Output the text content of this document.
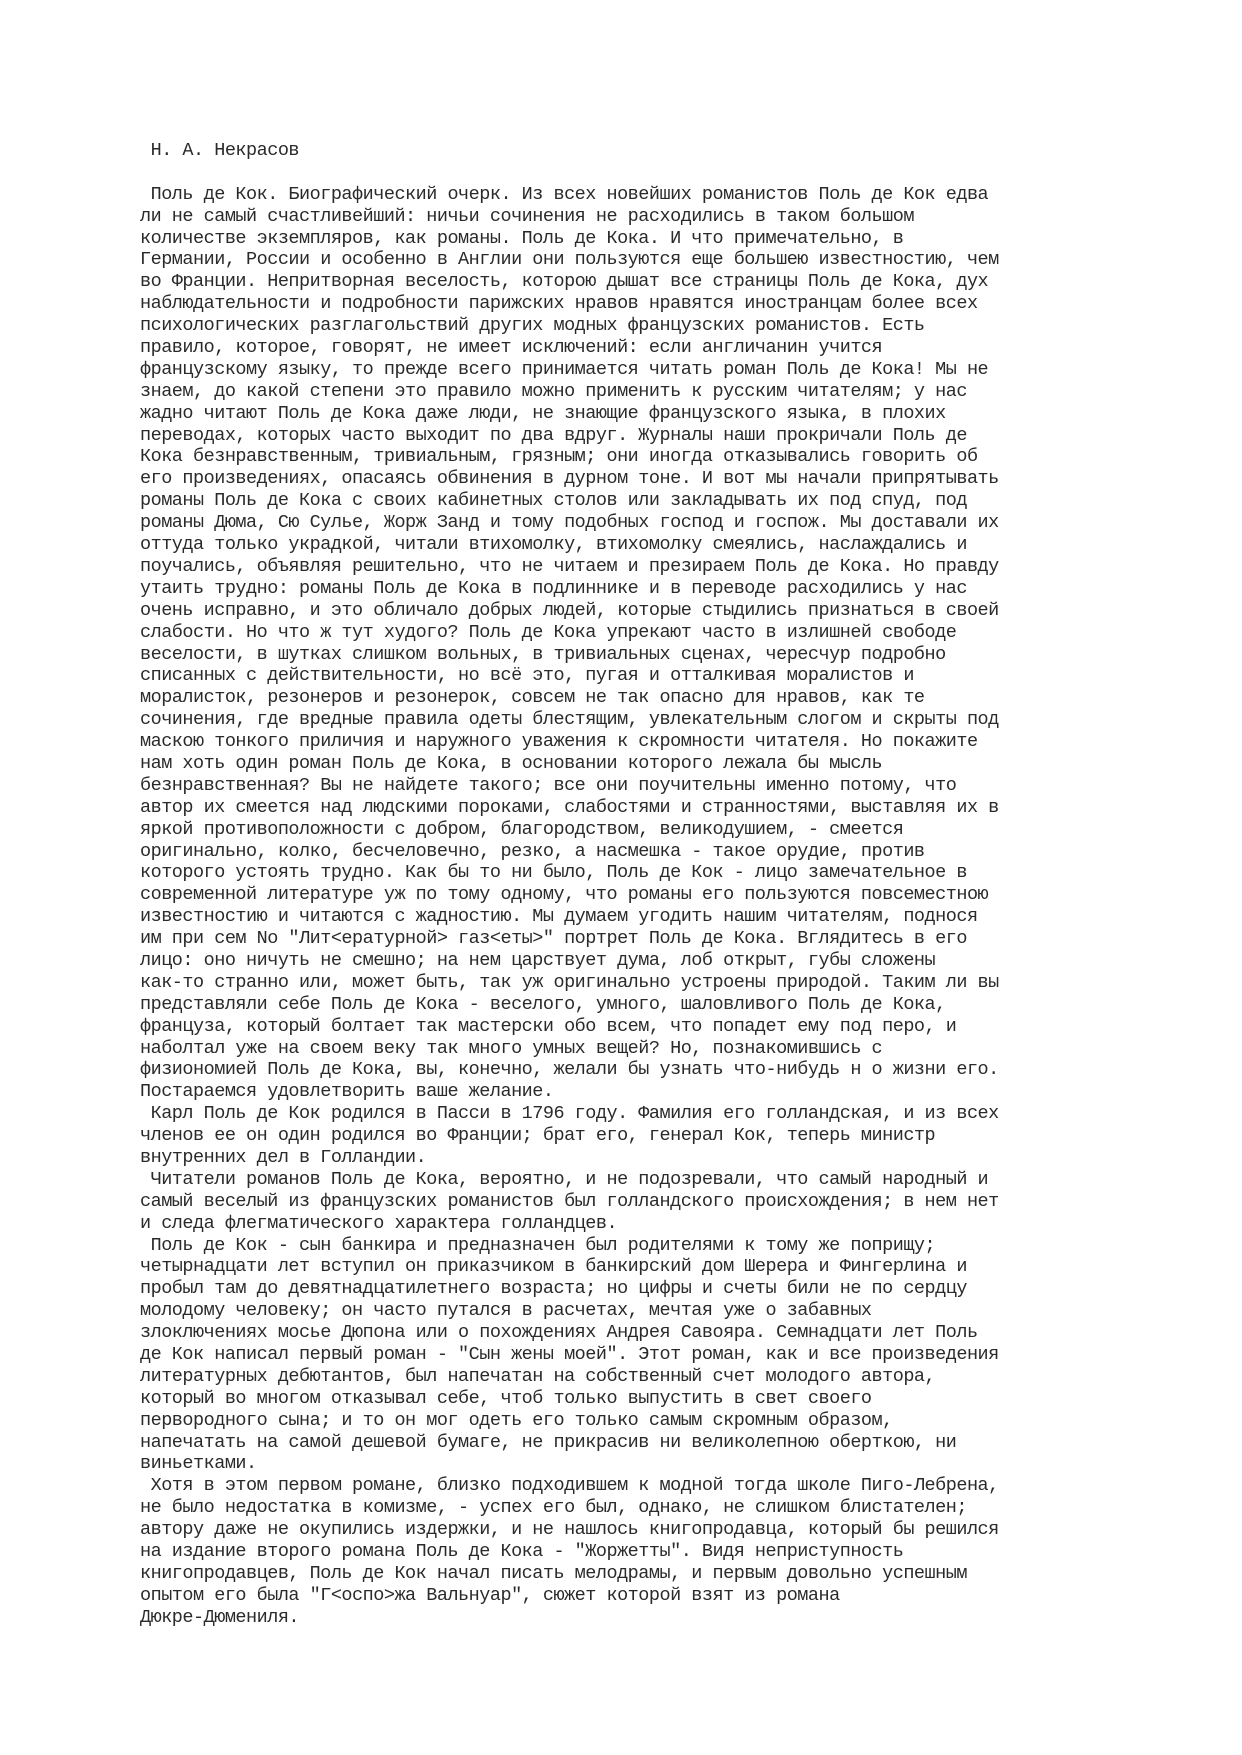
Н. А. Некрасов
Поль де Кок. Биографический очерк. Из всех новейших романистов Поль де Кок едва
ли не самый счастливейший: ничьи сочинения не расходились в таком большом
количестве экземпляров, как романы. Поль де Кока. И что примечательно, в
Германии, России и особенно в Англии они пользуются еще большею известностию, чем
во Франции. Непритворная веселость, которою дышат все страницы Поль де Кока, дух
наблюдательности и подробности парижских нравов нравятся иностранцам более всех
психологических разглагольствий других модных французских романистов. Есть
правило, которое, говорят, не имеет исключений: если англичанин учится
французскому языку, то прежде всего принимается читать роман Поль де Кока! Мы не
знаем, до какой степени это правило можно применить к русским читателям; у нас
жадно читают Поль де Кока даже люди, не знающие французского языка, в плохих
переводах, которых часто выходит по два вдруг. Журналы наши прокричали Поль де
Кока безнравственным, тривиальным, грязным; они иногда отказывались говорить об
его произведениях, опасаясь обвинения в дурном тоне. И вот мы начали припрятывать
романы Поль де Кока с своих кабинетных столов или закладывать их под спуд, под
романы Дюма, Сю Сулье, Жорж Занд и тому подобных господ и госпож. Мы доставали их
оттуда только украдкой, читали втихомолку, втихомолку смеялись, наслаждались и
поучались, объявляя решительно, что не читаем и презираем Поль де Кока. Но правду
утаить трудно: романы Поль де Кока в подлиннике и в переводе расходились у нас
очень исправно, и это обличало добрых людей, которые стыдились признаться в своей
слабости. Но что ж тут худого? Поль де Кока упрекают часто в излишней свободе
веселости, в шутках слишком вольных, в тривиальных сценах, чересчур подробно
списанных с действительности, но всё это, пугая и отталкивая моралистов и
моралисток, резонеров и резонерок, совсем не так опасно для нравов, как те
сочинения, где вредные правила одеты блестящим, увлекательным слогом и скрыты под
маскою тонкого приличия и наружного уважения к скромности читателя. Но покажите
нам хоть один роман Поль де Кока, в основании которого лежала бы мысль
безнравственная? Вы не найдете такого; все они поучительны именно потому, что
автор их смеется над людскими пороками, слабостями и странностями, выставляя их в
яркой противоположности с добром, благородством, великодушием, - смеется
оригинально, колко, бесчеловечно, резко, а насмешка - такое орудие, против
которого устоять трудно. Как бы то ни было, Поль де Кок - лицо замечательное в
современной литературе уж по тому одному, что романы его пользуются повсеместною
известностию и читаются с жадностию. Мы думаем угодить нашим читателям, поднося
им при сем No "Лит<ературной> газ<еты>" портрет Поль де Кока. Вглядитесь в его
лицо: оно ничуть не смешно; на нем царствует дума, лоб открыт, губы сложены
как-то странно или, может быть, так уж оригинально устроены природой. Таким ли вы
представляли себе Поль де Кока - веселого, умного, шаловливого Поль де Кока,
француза, который болтает так мастерски обо всем, что попадет ему под перо, и
наболтал уже на своем веку так много умных вещей? Но, познакомившись с
физиономией Поль де Кока, вы, конечно, желали бы узнать что-нибудь н о жизни его.
Постараемся удовлетворить ваше желание.
Карл Поль де Кок родился в Пасси в 1796 году. Фамилия его голландская, и из всех
членов ее он один родился во Франции; брат его, генерал Кок, теперь министр
внутренних дел в Голландии.
Читатели романов Поль де Кока, вероятно, и не подозревали, что самый народный и
самый веселый из французских романистов был голландского происхождения; в нем нет
и следа флегматического характера голландцев.
Поль де Кок - сын банкира и предназначен был родителями к тому же поприщу;
четырнадцати лет вступил он приказчиком в банкирский дом Шерера и Фингерлина и
пробыл там до девятнадцатилетнего возраста; но цифры и счеты били не по сердцу
молодому человеку; он часто путался в расчетах, мечтая уже о забавных
злоключениях мосье Дюпона или о похождениях Андрея Савояра. Семнадцати лет Поль
де Кок написал первый роман - "Сын жены моей". Этот роман, как и все произведения
литературных дебютантов, был напечатан на собственный счет молодого автора,
который во многом отказывал себе, чтоб только выпустить в свет своего
первородного сына; и то он мог одеть его только самым скромным образом,
напечатать на самой дешевой бумаге, не прикрасив ни великолепною оберткою, ни
виньетками.
Хотя в этом первом романе, близко подходившем к модной тогда школе Пиго-Лебрена,
не было недостатка в комизме, - успех его был, однако, не слишком блистателен;
автору даже не окупились издержки, и не нашлось книгопродавца, который бы решился
на издание второго романа Поль де Кока - "Жоржетты". Видя неприступность
книгопродавцев, Поль де Кок начал писать мелодрамы, и первым довольно успешным
опытом его была "Г<оспо>жа Вальнуар", сюжет которой взят из романа
Дюкре-Дюмениля.
